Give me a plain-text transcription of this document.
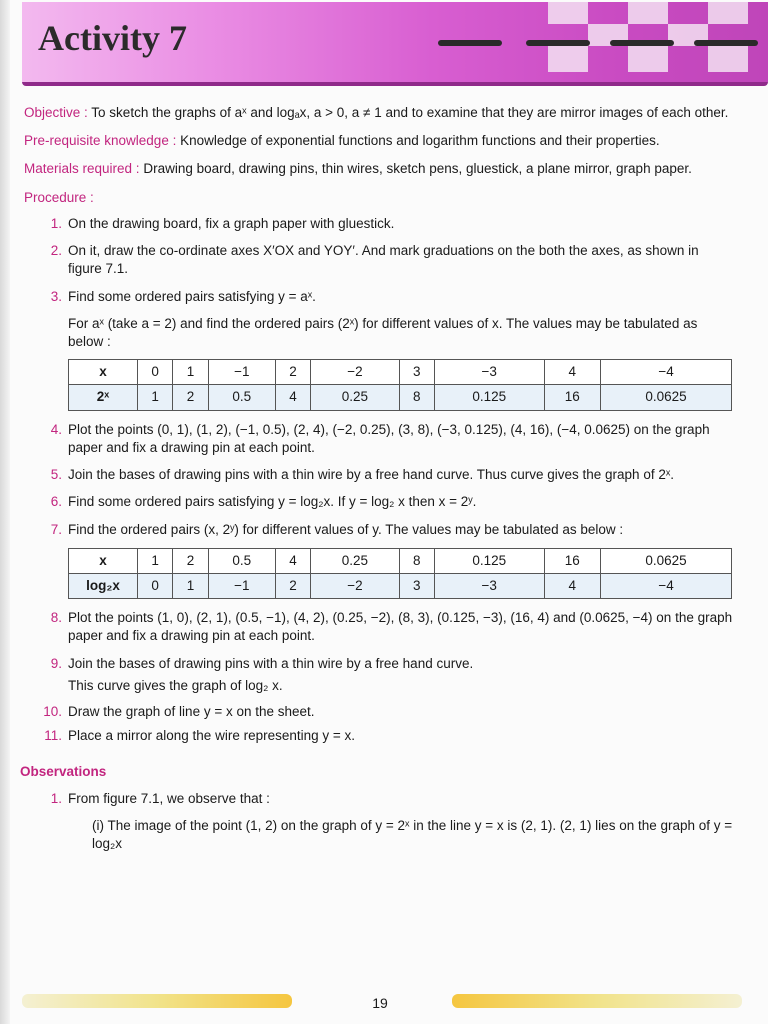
Activity 7

Objective : To sketch the graphs of aˣ and logₐx, a > 0, a ≠ 1 and to examine that they are mirror images of each other.

Pre-requisite knowledge : Knowledge of exponential functions and logarithm functions and their properties.

Materials required : Drawing board, drawing pins, thin wires, sketch pens, gluestick, a plane mirror, graph paper.

Procedure :
1. On the drawing board, fix a graph paper with gluestick.
2. On it, draw the co-ordinate axes X′OX and YOY′. And mark graduations on the both the axes, as shown in figure 7.1.
3. Find some ordered pairs satisfying y = aˣ.

For aˣ (take a = 2) and find the ordered pairs (2ˣ) for different values of x. The values may be tabulated as below :

x	0	1	−1	2	−2	3	−3	4	−4
2ˣ	1	2	0.5	4	0.25	8	0.125	16	0.0625
4. Plot the points (0, 1), (1, 2), (−1, 0.5), (2, 4), (−2, 0.25), (3, 8), (−3, 0.125), (4, 16), (−4, 0.0625) on the graph paper and fix a drawing pin at each point.
5. Join the bases of drawing pins with a thin wire by a free hand curve. Thus curve gives the graph of 2ˣ.
6. Find some ordered pairs satisfying y = log₂x. If y = log₂ x then x = 2ʸ.
7. Find the ordered pairs (x, 2ʸ) for different values of y. The values may be tabulated as below :
x	1	2	0.5	4	0.25	8	0.125	16	0.0625
log₂x	0	1	−1	2	−2	3	−3	4	−4
8. Plot the points (1, 0), (2, 1), (0.5, −1), (4, 2), (0.25, −2), (8, 3), (0.125, −3), (16, 4) and (0.0625, −4) on the graph paper and fix a drawing pin at each point.
9. Join the bases of drawing pins with a thin wire by a free hand curve.

This curve gives the graph of log₂ x.

10. Draw the graph of line y = x on the sheet.
11. Place a mirror along the wire representing y = x.
Observations
1. From figure 7.1, we observe that :

(i) The image of the point (1, 2) on the graph of y = 2ˣ in the line y = x is (2, 1). (2, 1) lies on the graph of y = log₂x

19
